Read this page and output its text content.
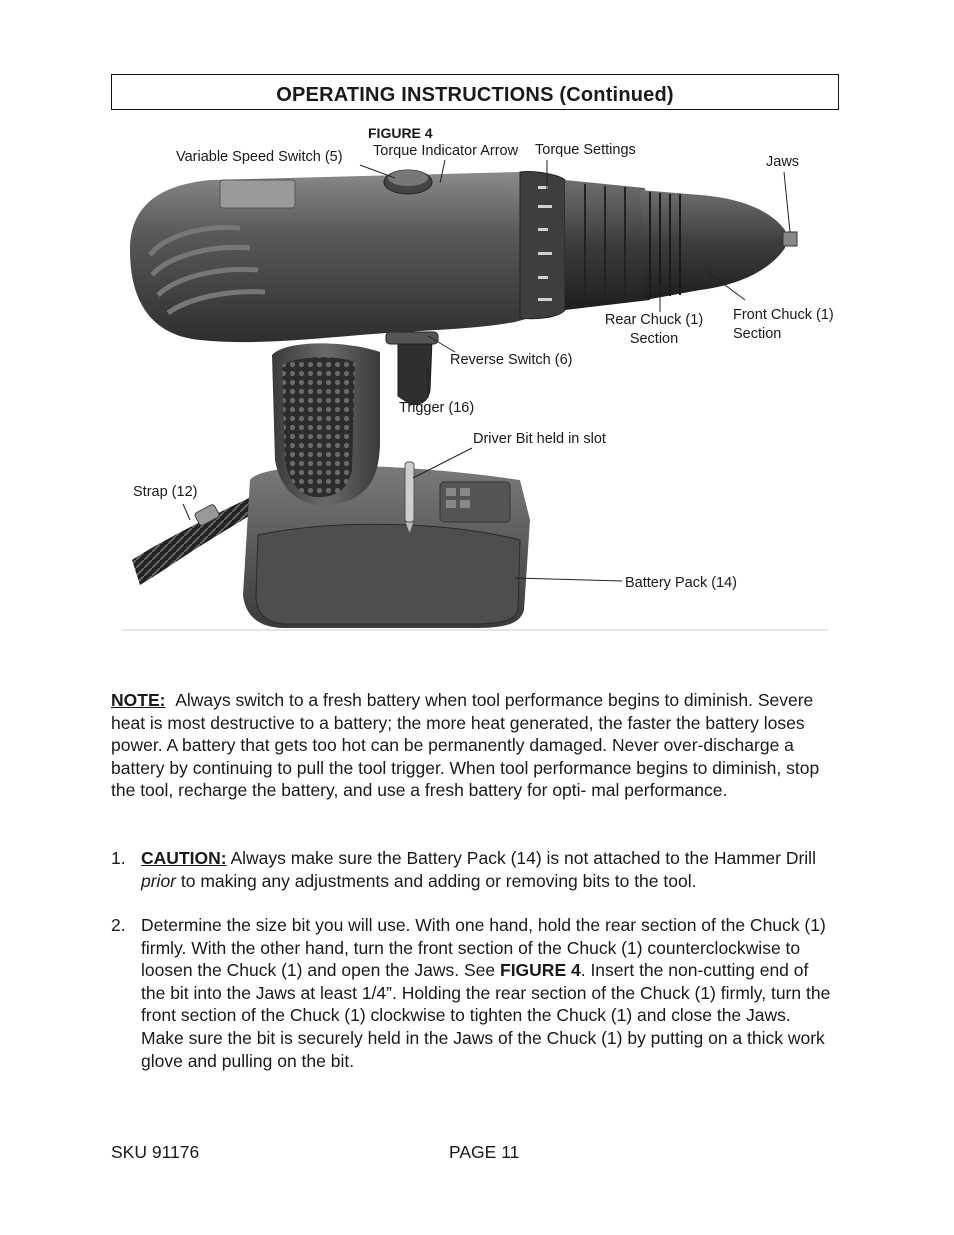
OPERATING INSTRUCTIONS (Continued)
FIGURE 4
Variable Speed Switch (5) Torque Indicator Arrow Torque Settings
Jaws
Rear Chuck (1)
Section
Front Chuck (1)
Section
Reverse Switch (6)
Trigger (16)
Driver Bit held in slot
Strap (12)
Battery Pack (14)

NOTE: Always switch to a fresh battery when tool performance begins to diminish. Severe heat is most destructive to a battery; the more heat generated, the faster the battery loses power. A battery that gets too hot can be permanently damaged. Never over-discharge a battery by continuing to pull the tool trigger. When tool performance begins to diminish, stop the tool, recharge the battery, and use a fresh battery for opti- mal performance.

1. CAUTION: Always make sure the Battery Pack (14) is not attached to the Hammer Drill prior to making any adjustments and adding or removing bits to the tool.
2. Determine the size bit you will use. With one hand, hold the rear section of the Chuck (1) firmly. With the other hand, turn the front section of the Chuck (1) counterclockwise to loosen the Chuck (1) and open the Jaws. See FIGURE 4. Insert the non-cutting end of the bit into the Jaws at least 1/4”. Holding the rear section of the Chuck (1) firmly, turn the front section of the Chuck (1) clockwise to tighten the Chuck (1) and close the Jaws. Make sure the bit is securely held in the Jaws of the Chuck (1) by putting on a thick work glove and pulling on the bit.
SKU 91176	PAGE 11
